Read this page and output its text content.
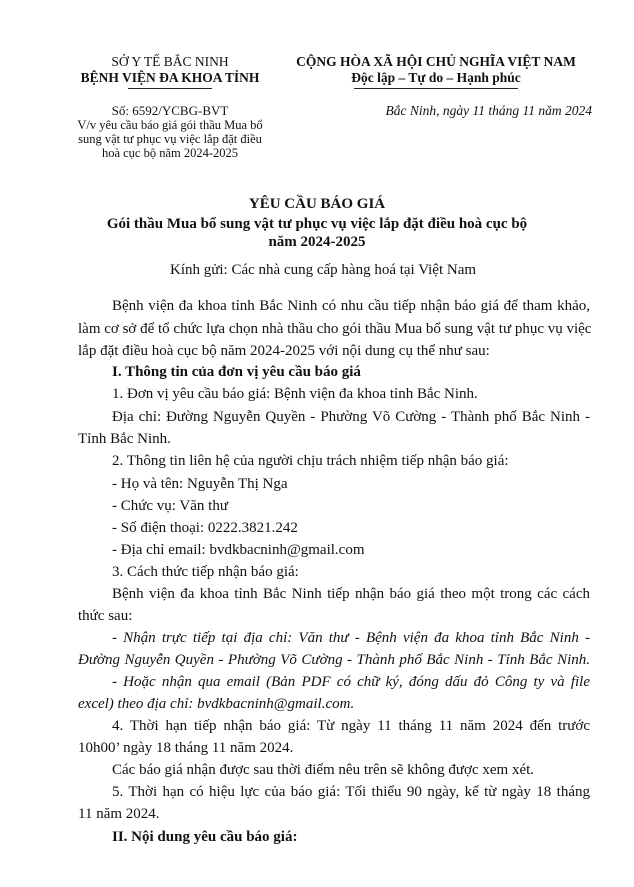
SỞ Y TẾ BẮC NINH
BỆNH VIỆN ĐA KHOA TỈNH
CỘNG HÒA XÃ HỘI CHỦ NGHĨA VIỆT NAM
Độc lập – Tự do – Hạnh phúc
Số: 6592/YCBG-BVT
V/v yêu cầu báo giá gói thầu Mua bổ
sung vật tư phục vụ việc lắp đặt điều
hoà cục bộ năm 2024-2025
Bắc Ninh, ngày 11 tháng 11 năm 2024
YÊU CẦU BÁO GIÁ
Gói thầu Mua bổ sung vật tư phục vụ việc lắp đặt điều hoà cục bộ
năm 2024-2025
Kính gửi: Các nhà cung cấp hàng hoá tại Việt Nam
Bệnh viện đa khoa tỉnh Bắc Ninh có nhu cầu tiếp nhận báo giá để tham khảo,
làm cơ sở để tổ chức lựa chọn nhà thầu cho gói thầu Mua bổ sung vật tư phục vụ việc
lắp đặt điều hoà cục bộ năm 2024-2025 với nội dung cụ thể như sau:
I. Thông tin của đơn vị yêu cầu báo giá
1. Đơn vị yêu cầu báo giá: Bệnh viện đa khoa tỉnh Bắc Ninh.
Địa chỉ: Đường Nguyễn Quyền - Phường Võ Cường - Thành phố Bắc Ninh -
Tỉnh Bắc Ninh.
2. Thông tin liên hệ của người chịu trách nhiệm tiếp nhận báo giá:
- Họ và tên: Nguyễn Thị Nga
- Chức vụ: Văn thư
- Số điện thoại: 0222.3821.242
- Địa chỉ email: bvdkbacninh@gmail.com
3. Cách thức tiếp nhận báo giá:
Bệnh viện đa khoa tỉnh Bắc Ninh tiếp nhận báo giá theo một trong các cách
thức sau:
- Nhận trực tiếp tại địa chỉ: Văn thư - Bệnh viện đa khoa tỉnh Bắc Ninh -
Đường Nguyễn Quyền - Phường Võ Cường - Thành phố Bắc Ninh - Tỉnh Bắc Ninh.
- Hoặc nhận qua email (Bản PDF có chữ ký, đóng dấu đỏ Công ty và file
excel) theo địa chỉ: bvdkbacninh@gmail.com.
4. Thời hạn tiếp nhận báo giá: Từ ngày 11 tháng 11 năm 2024 đến trước
10h00’ ngày 18 tháng 11 năm 2024.
Các báo giá nhận được sau thời điểm nêu trên sẽ không được xem xét.
5. Thời hạn có hiệu lực của báo giá: Tối thiểu 90 ngày, kể từ ngày 18 tháng
11 năm 2024.
II. Nội dung yêu cầu báo giá:
